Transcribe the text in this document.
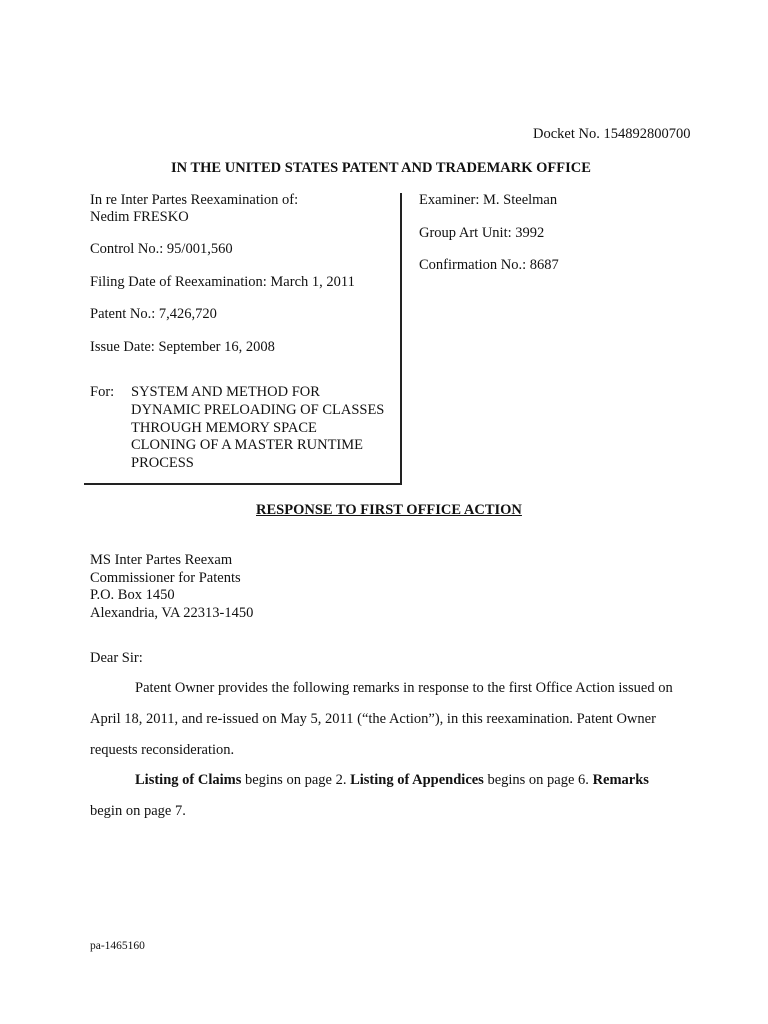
Docket No. 154892800700
IN THE UNITED STATES PATENT AND TRADEMARK OFFICE
In re Inter Partes Reexamination of:
Nedim FRESKO
Control No.: 95/001,560
Filing Date of Reexamination: March 1, 2011
Patent No.: 7,426,720
Issue Date: September 16, 2008
For: SYSTEM AND METHOD FOR
DYNAMIC PRELOADING OF CLASSES
THROUGH MEMORY SPACE
CLONING OF A MASTER RUNTIME
PROCESS
Examiner: M. Steelman
Group Art Unit: 3992
Confirmation No.: 8687
RESPONSE TO FIRST OFFICE ACTION
MS Inter Partes Reexam
Commissioner for Patents
P.O. Box 1450
Alexandria, VA 22313-1450
Dear Sir:
Patent Owner provides the following remarks in response to the first Office Action issued on
April 18, 2011, and re-issued on May 5, 2011 (“the Action”), in this reexamination. Patent Owner
requests reconsideration.
Listing of Claims begins on page 2. Listing of Appendices begins on page 6. Remarks
begin on page 7.
pa-1465160
